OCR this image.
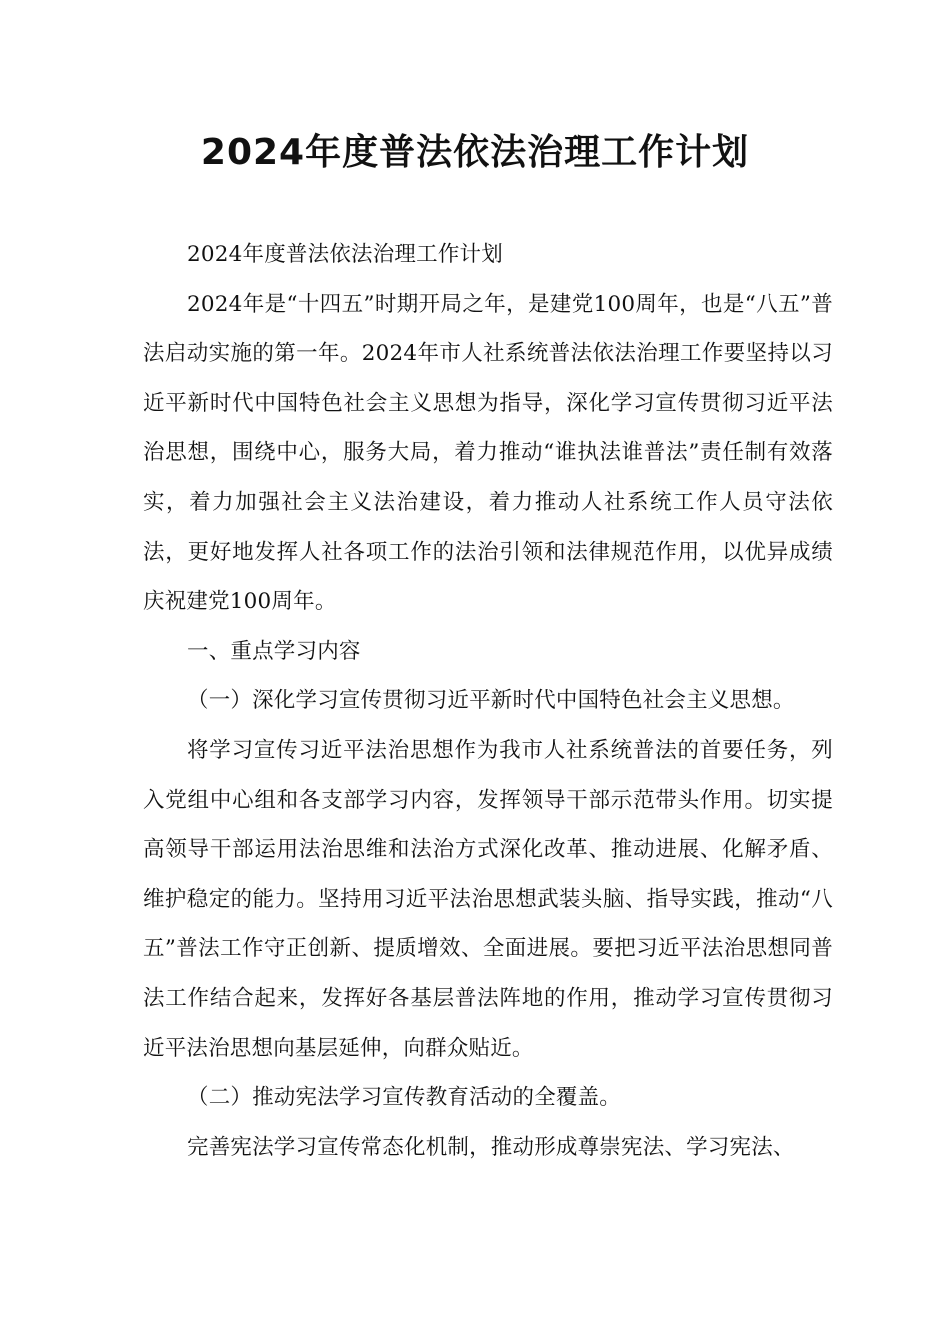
2024年度普法依法治理工作计划

2024年度普法依法治理工作计划

2024年是“十四五”时期开局之年，是建党100周年，也是“八五”普法启动实施的第一年。2024年市人社系统普法依法治理工作要坚持以习近平新时代中国特色社会主义思想为指导，深化学习宣传贯彻习近平法治思想，围绕中心，服务大局，着力推动“谁执法谁普法”责任制有效落实，着力加强社会主义法治建设，着力推动人社系统工作人员守法依法，更好地发挥人社各项工作的法治引领和法律规范作用，以优异成绩庆祝建党100周年。

一、重点学习内容

（一）深化学习宣传贯彻习近平新时代中国特色社会主义思想。

将学习宣传习近平法治思想作为我市人社系统普法的首要任务，列入党组中心组和各支部学习内容，发挥领导干部示范带头作用。切实提高领导干部运用法治思维和法治方式深化改革、推动进展、化解矛盾、维护稳定的能力。坚持用习近平法治思想武装头脑、指导实践，推动“八五”普法工作守正创新、提质增效、全面进展。要把习近平法治思想同普法工作结合起来，发挥好各基层普法阵地的作用，推动学习宣传贯彻习近平法治思想向基层延伸，向群众贴近。

（二）推动宪法学习宣传教育活动的全覆盖。

完善宪法学习宣传常态化机制，推动形成尊崇宪法、学习宪法、
